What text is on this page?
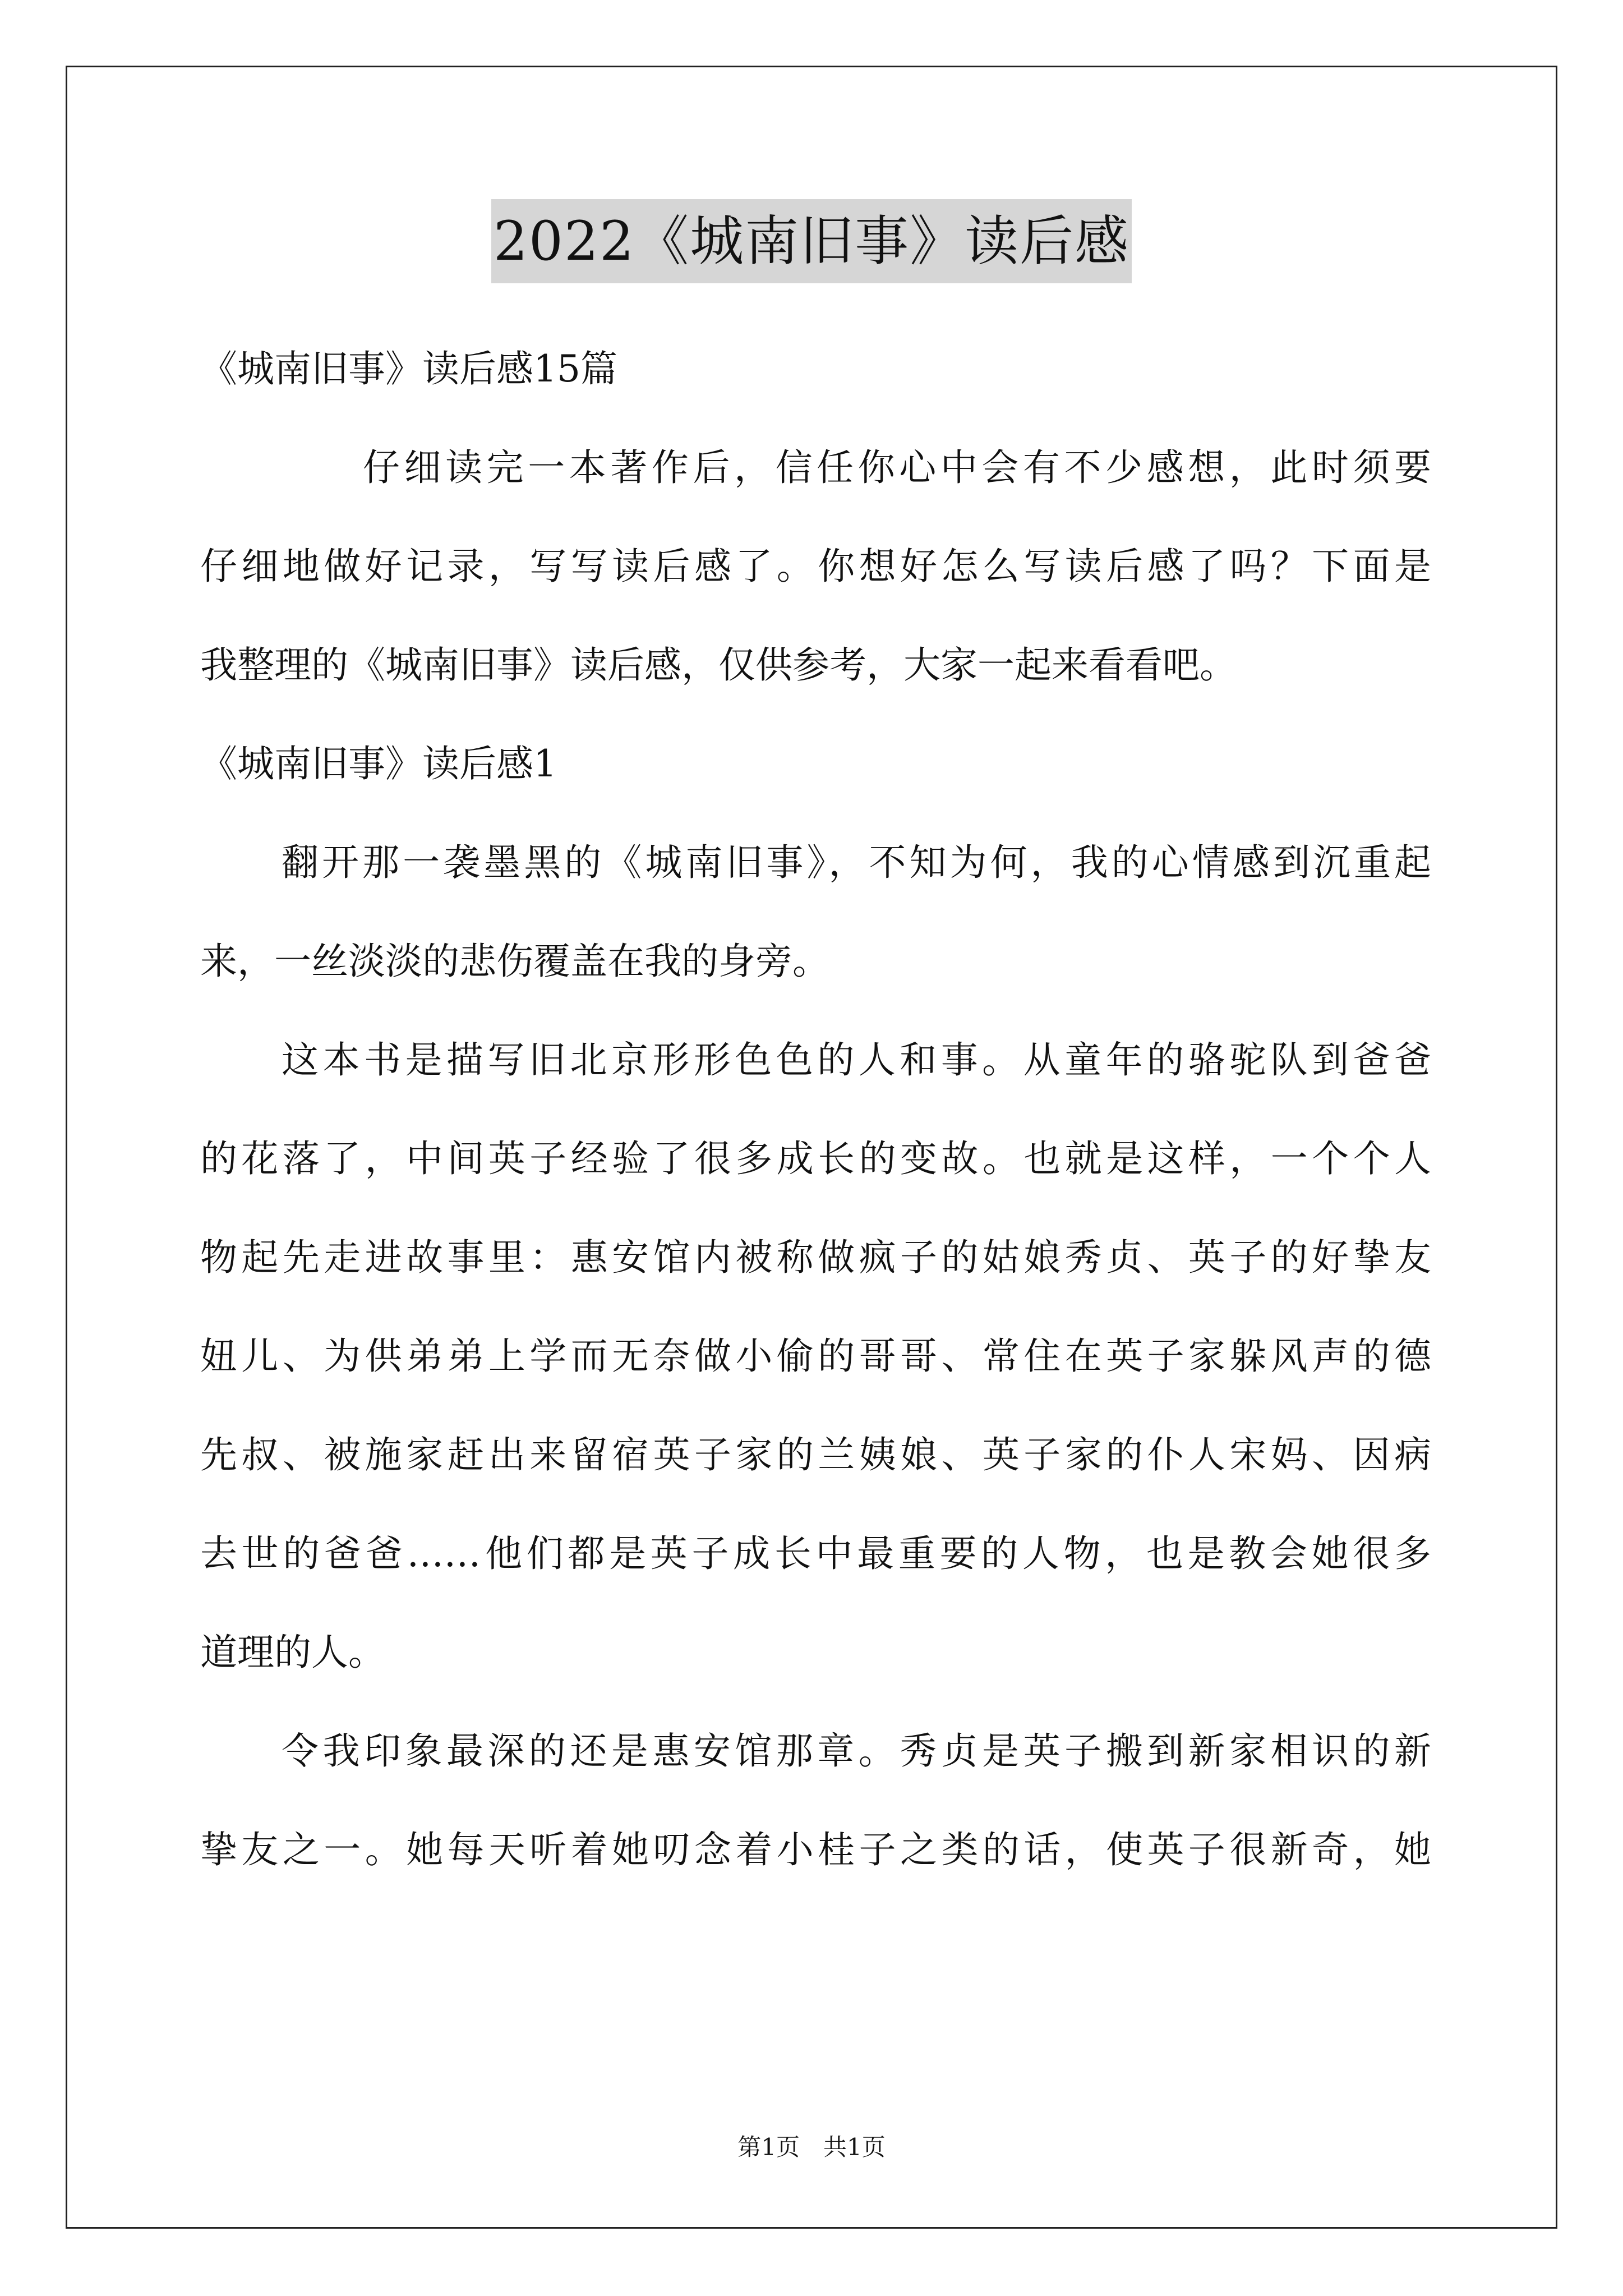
2022《城南旧事》读后感
《城南旧事》读后感15篇
仔细读完一本著作后，信任你心中会有不少感想，此时须要
仔细地做好记录，写写读后感了。你想好怎么写读后感了吗？下面是
我整理的《城南旧事》读后感，仅供参考，大家一起来看看吧。
《城南旧事》读后感1
翻开那一袭墨黑的《城南旧事》，不知为何，我的心情感到沉重起
来，一丝淡淡的悲伤覆盖在我的身旁。
这本书是描写旧北京形形色色的人和事。从童年的骆驼队到爸爸
的花落了，中间英子经验了很多成长的变故。也就是这样，一个个人
物起先走进故事里：惠安馆内被称做疯子的姑娘秀贞、英子的好挚友
妞儿、为供弟弟上学而无奈做小偷的哥哥、常住在英子家躲风声的德
先叔、被施家赶出来留宿英子家的兰姨娘、英子家的仆人宋妈、因病
去世的爸爸……他们都是英子成长中最重要的人物，也是教会她很多
道理的人。
令我印象最深的还是惠安馆那章。秀贞是英子搬到新家相识的新
挚友之一。她每天听着她叨念着小桂子之类的话，使英子很新奇，她
第1页　共1页
